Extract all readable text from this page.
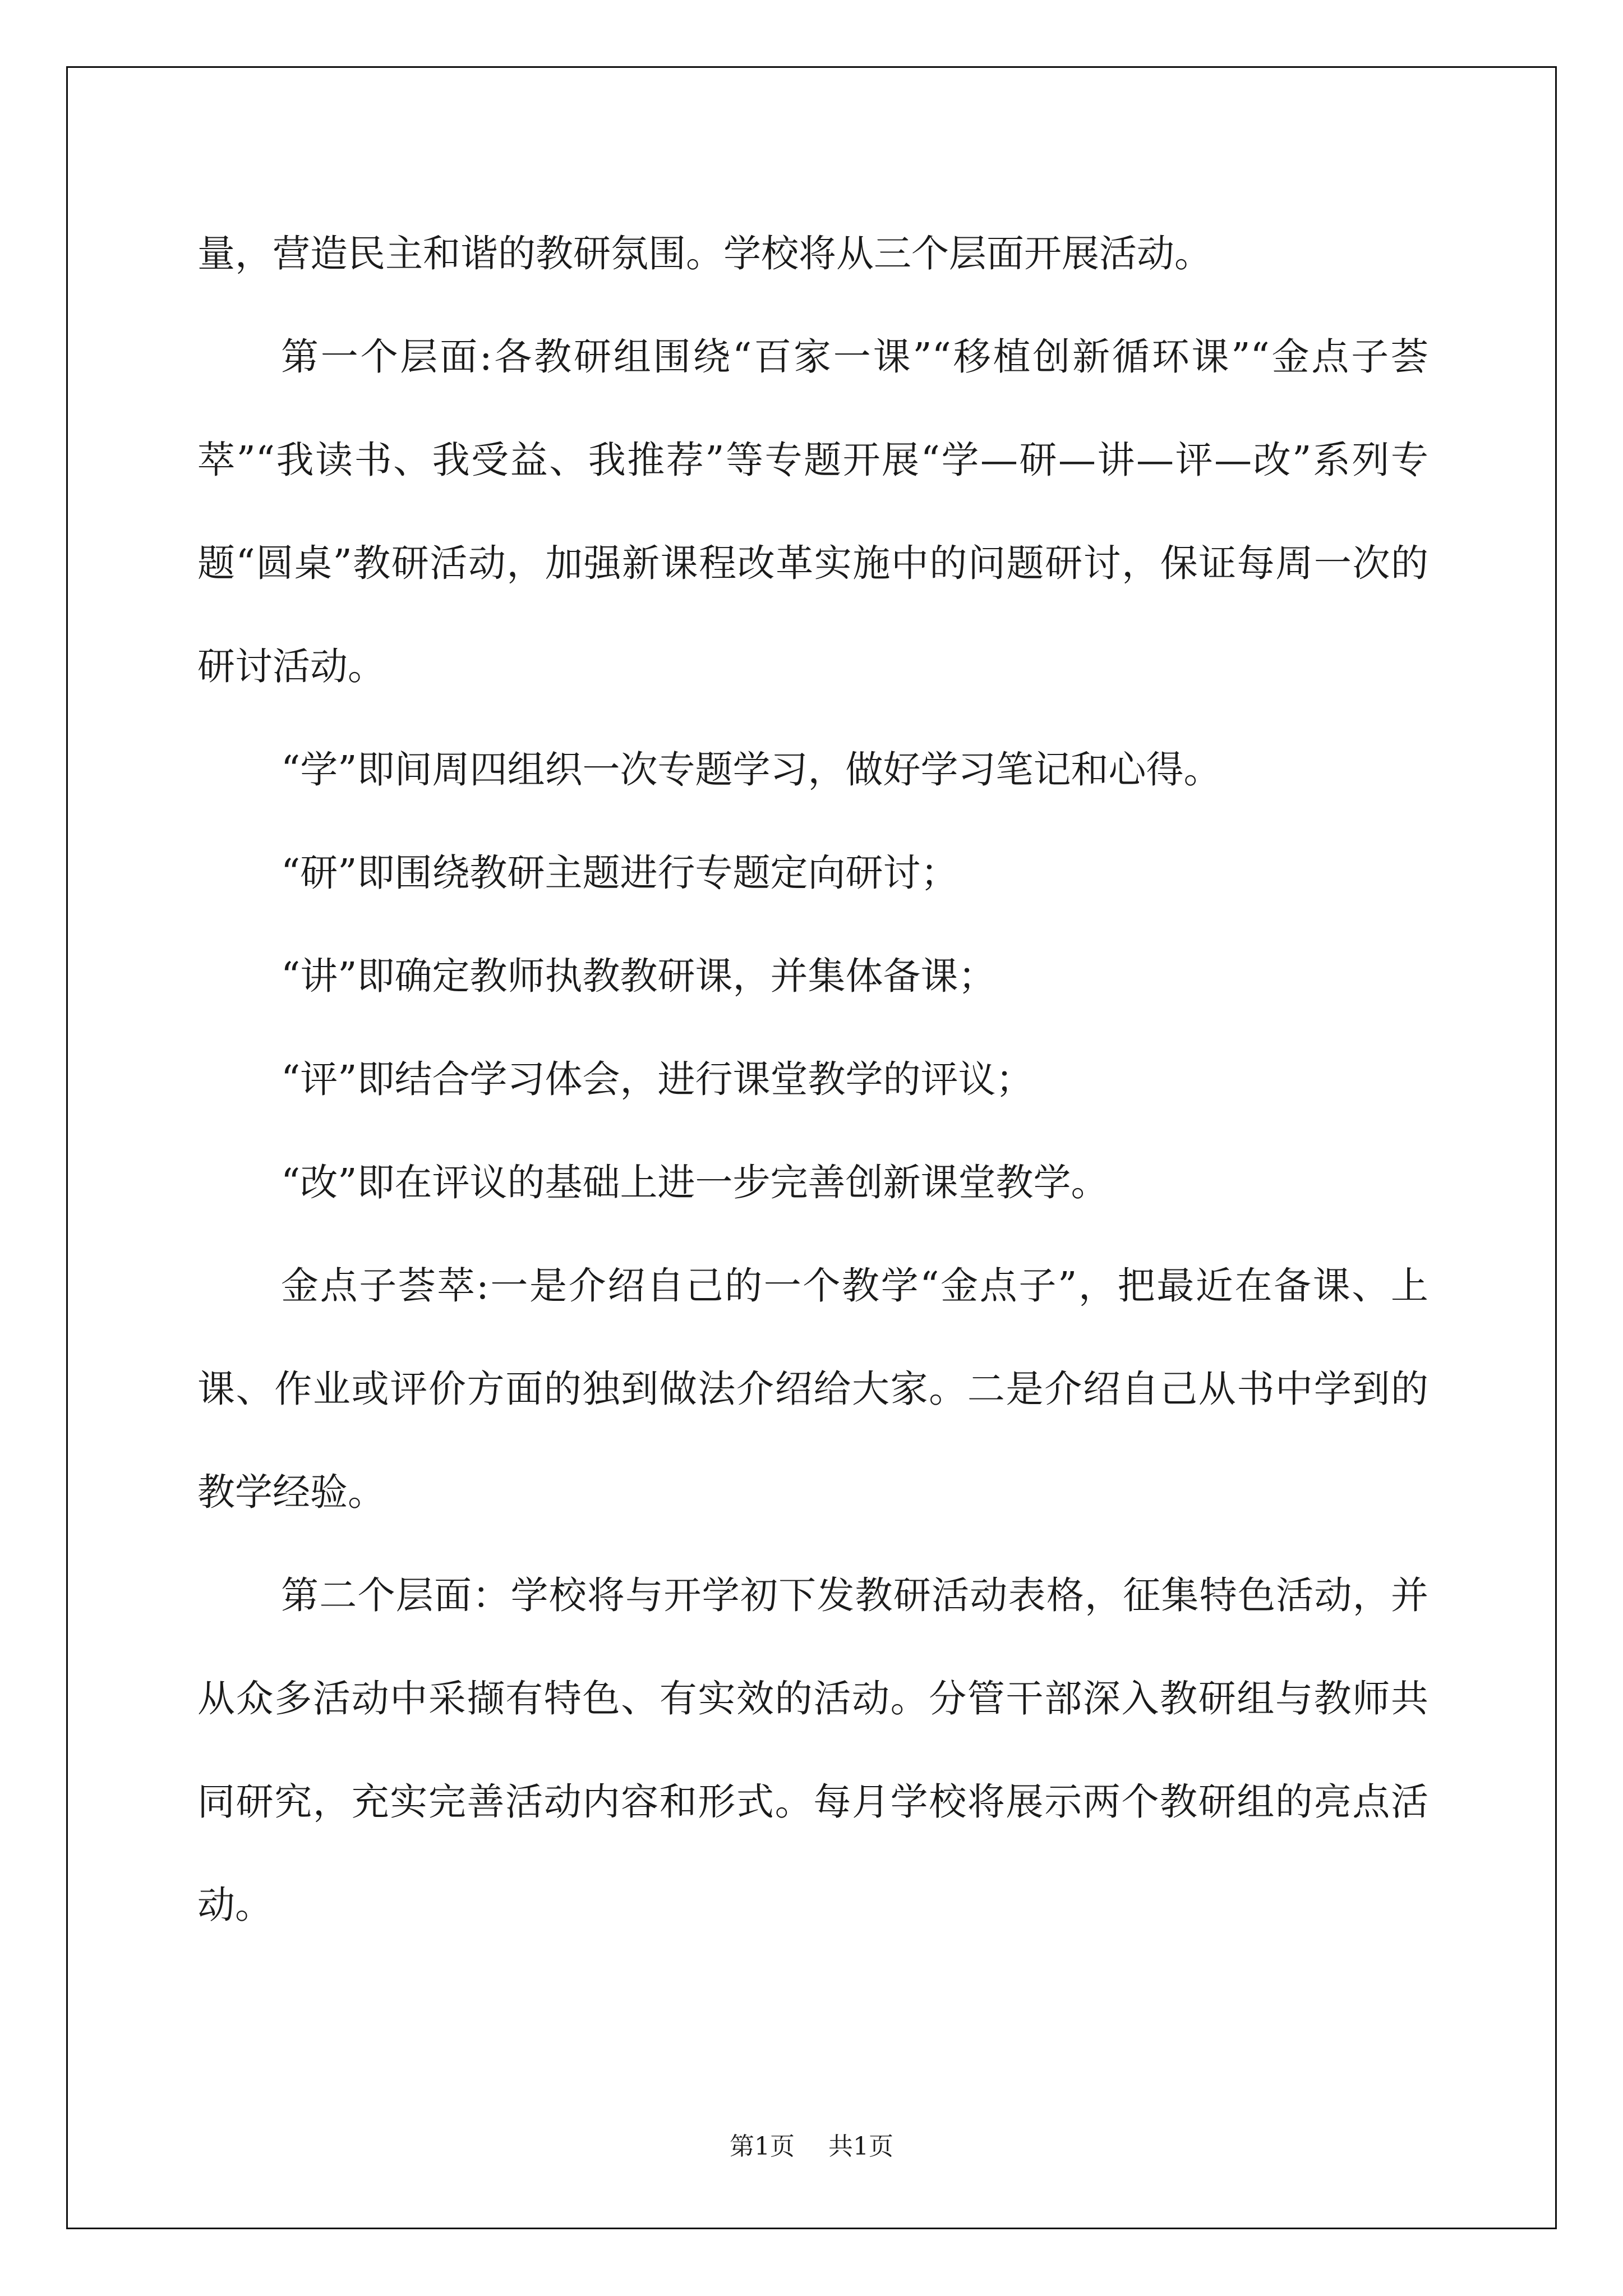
量，营造民主和谐的教研氛围。学校将从三个层面开展活动。

第一个层面:各教研组围绕“百家一课”“移植创新循环课”“金点子荟萃”“我读书、我受益、我推荐”等专题开展“学—研—讲—评—改”系列专题“圆桌”教研活动，加强新课程改革实施中的问题研讨，保证每周一次的研讨活动。

“学”即间周四组织一次专题学习，做好学习笔记和心得。

“研”即围绕教研主题进行专题定向研讨；

“讲”即确定教师执教教研课，并集体备课；

“评”即结合学习体会，进行课堂教学的评议；

“改”即在评议的基础上进一步完善创新课堂教学。

金点子荟萃:一是介绍自己的一个教学“金点子”，把最近在备课、上课、作业或评价方面的独到做法介绍给大家。二是介绍自己从书中学到的教学经验。

第二个层面：学校将与开学初下发教研活动表格，征集特色活动，并从众多活动中采撷有特色、有实效的活动。分管干部深入教研组与教师共同研究，充实完善活动内容和形式。每月学校将展示两个教研组的亮点活动。

第1页 共1页
